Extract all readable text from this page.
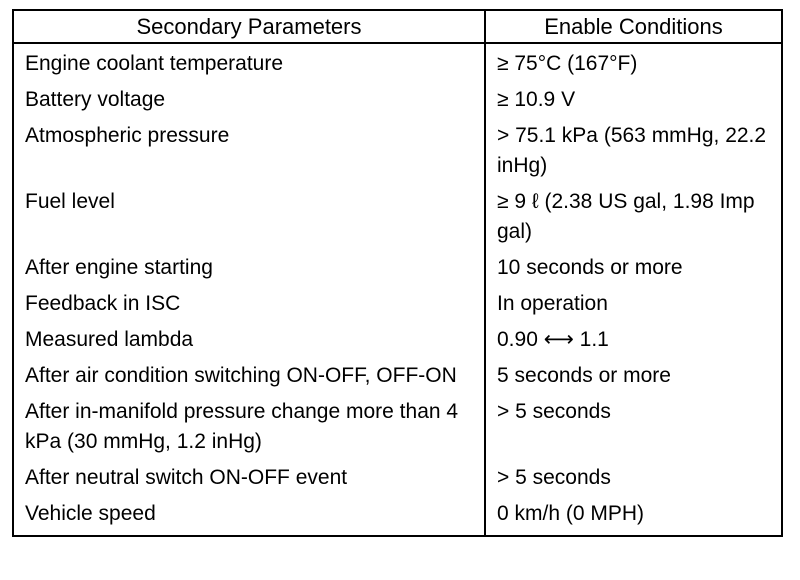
Secondary Parameters	Enable Conditions
Engine coolant temperature	≥ 75°C (167°F)
Battery voltage	≥ 10.9 V
Atmospheric pressure	> 75.1 kPa (563 mmHg, 22.2 inHg)
Fuel level	≥ 9 ℓ (2.38 US gal, 1.98 Imp gal)
After engine starting	10 seconds or more
Feedback in ISC	In operation
Measured lambda	0.90 ⟷ 1.1
After air condition switching ON-OFF, OFF-ON	5 seconds or more
After in-manifold pressure change more than 4 kPa (30 mmHg, 1.2 inHg)	> 5 seconds
After neutral switch ON-OFF event	> 5 seconds
Vehicle speed	0 km/h (0 MPH)
